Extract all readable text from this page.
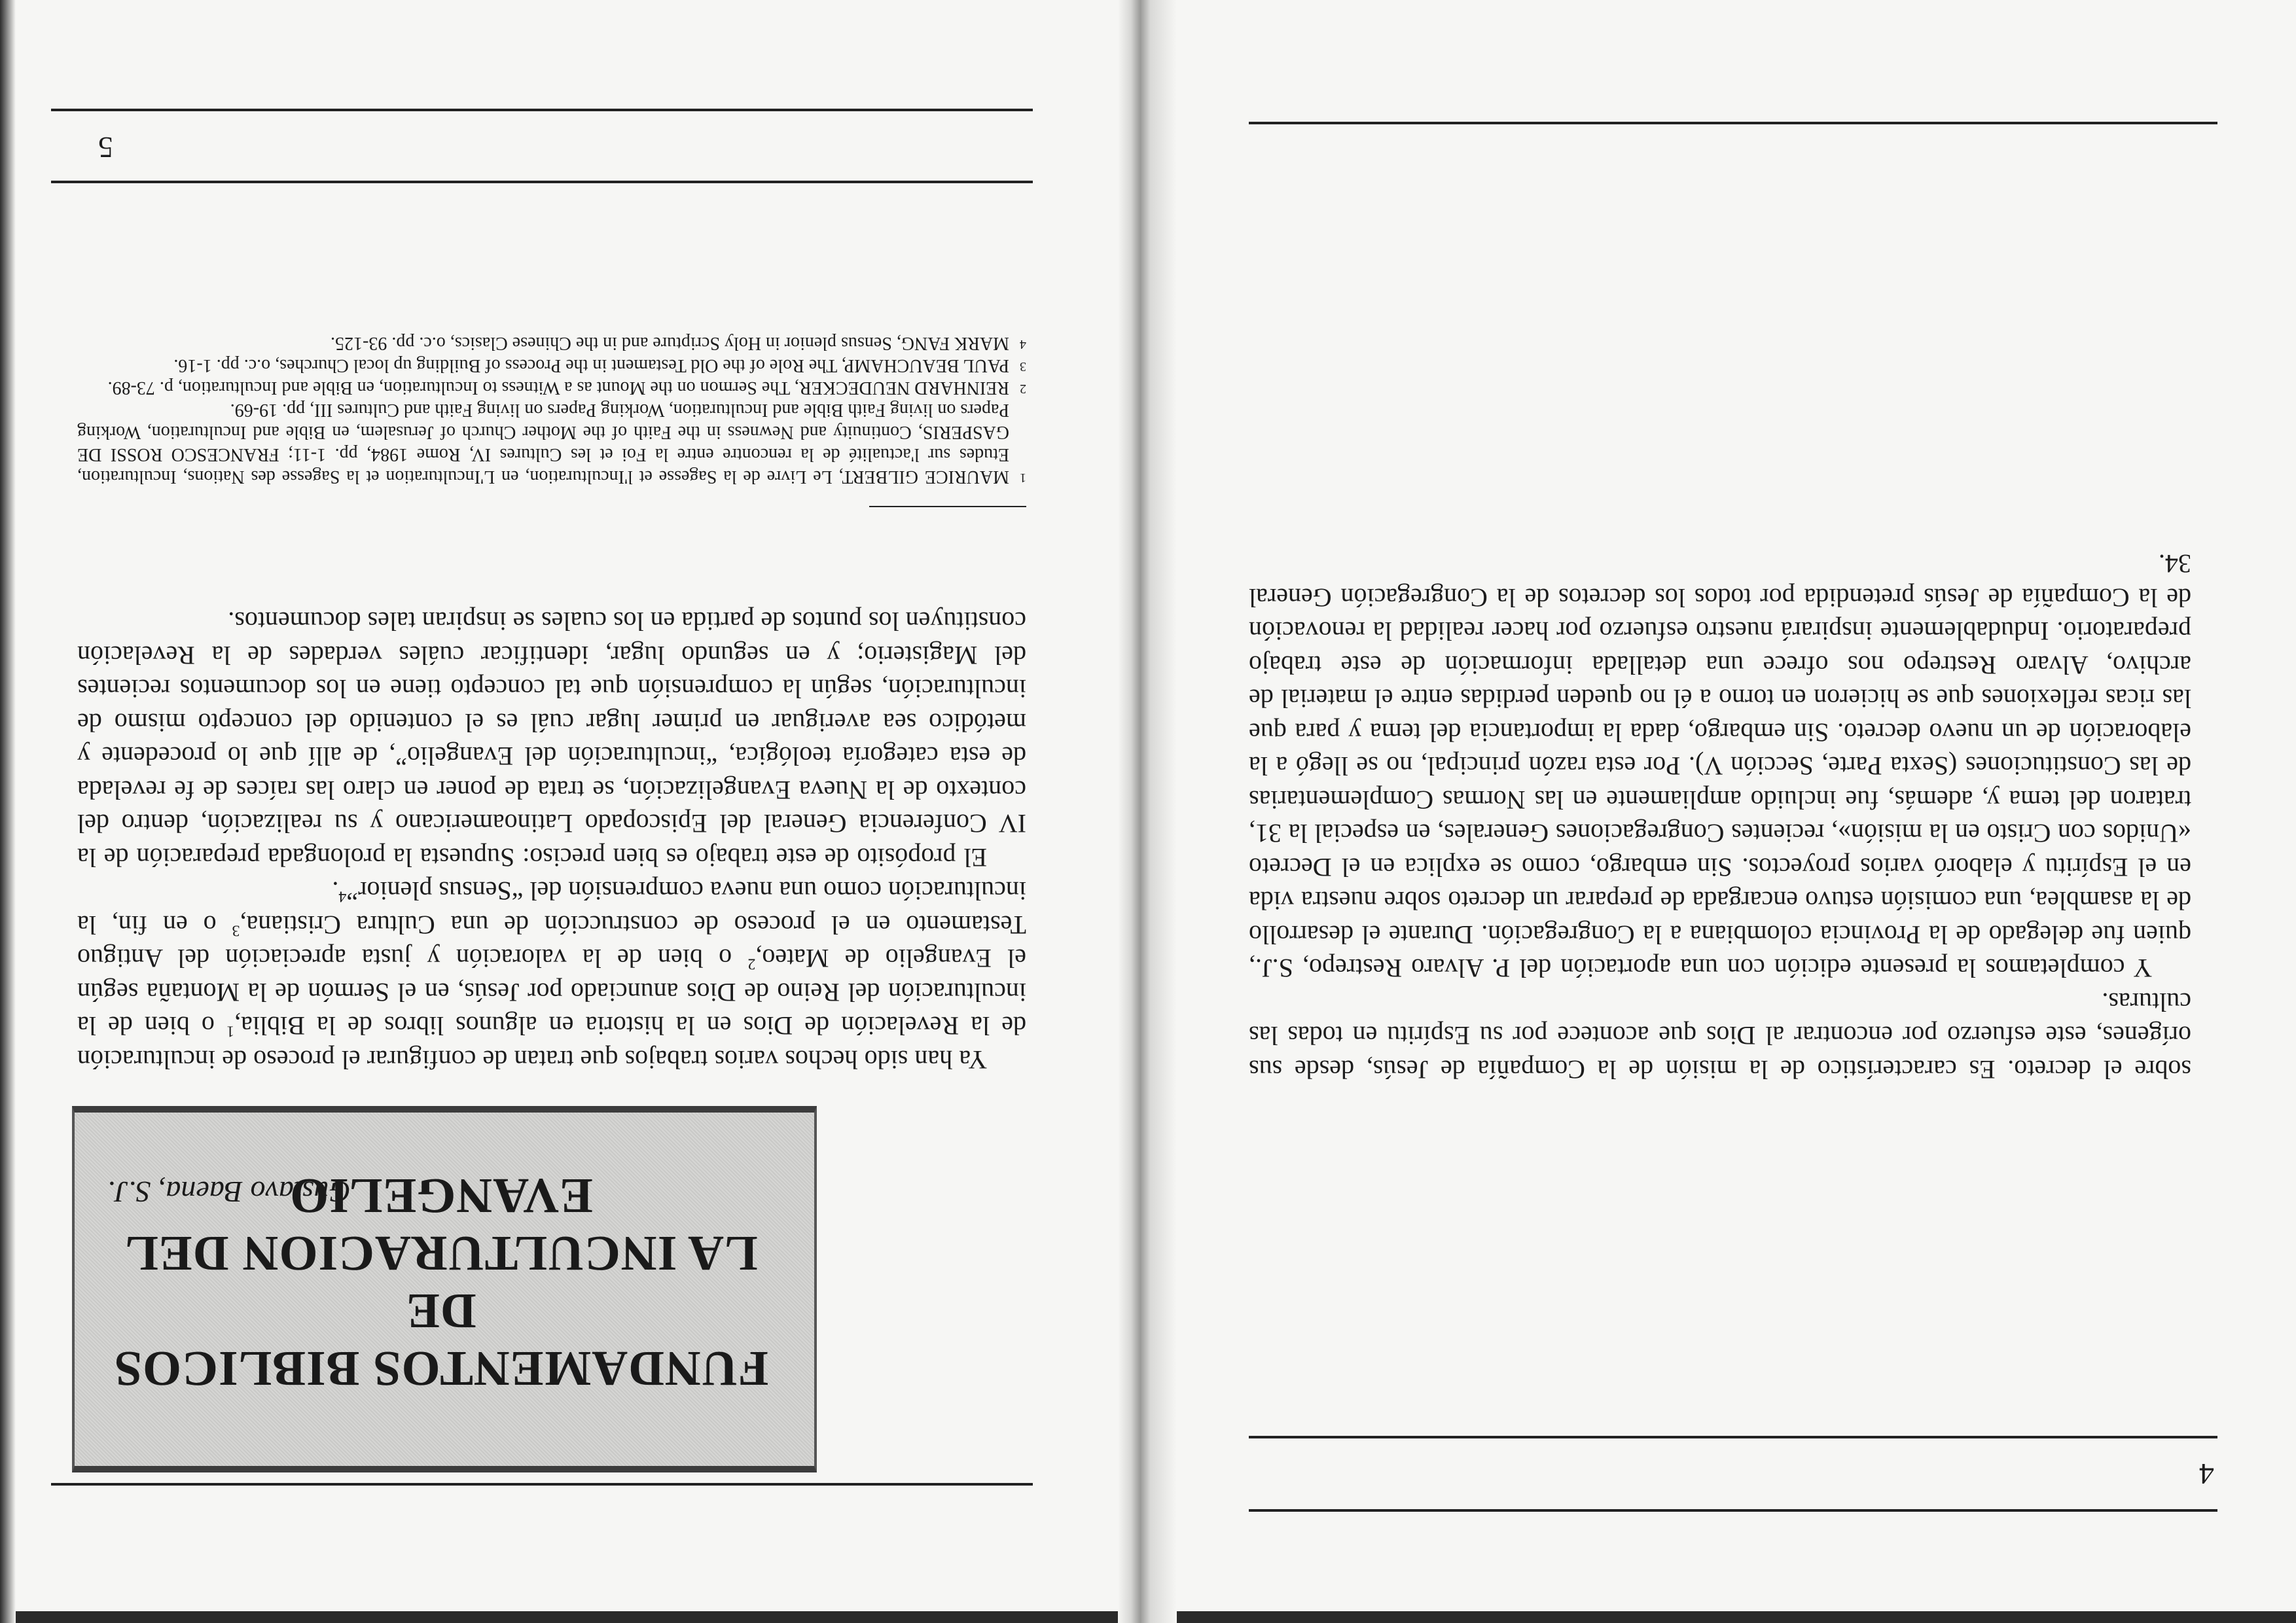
4

sobre el decreto. Es característico de la misión de la Compañía de Jesús, desde sus orígenes, este esfuerzo por encontrar al Dios que acontece por su Espíritu en todas las culturas.

Y completamos la presente edición con una aportación del P. Alvaro Restrepo, S.J., quien fue delegado de la Provincia colombiana a la Congregación. Durante el desarrollo de la asamblea, una comisión estuvo encargada de preparar un decreto sobre nuestra vida en el Espíritu y elaboró varios proyectos. Sin embargo, como se explica en el Decreto «Unidos con Cristo en la misión», recientes Congregaciones Generales, en especial la 31, trataron del tema y, además, fue incluido ampliamente en las Normas Complementarias de las Constituciones (Sexta Parte, Sección V). Por esta razón principal, no se llegó a la elaboración de un nuevo decreto. Sin embargo, dada la importancia del tema y para que las ricas reflexiones que se hicieron en torno a él no queden perdidas entre el material de archivo, Alvaro Restrepo nos ofrece una detallada información de este trabajo preparatorio. Indudablemente inspirará nuestro esfuerzo por hacer realidad la renovación de la Compañía de Jesús pretendida por todos los decretos de la Congregación General 34.

FUNDAMENTOS BIBLICOS DE
LA INCULTURACION DEL EVANGELIO
Gustavo Baena, S.J.

Ya han sido hechos varios trabajos que tratan de configurar el proceso de inculturación de la Revelación de Dios en la historia en algunos libros de la Biblia,$^1$ o bien de la inculturación del Reino de Dios anunciado por Jesús, en el Sermón de la Montaña según el Evangelio de Mateo,$^2$ o bien de la valoración y justa apreciación del Antiguo Testamento en el proceso de construcción de una Cultura Cristiana,$^3$ o en fin, la inculturación como una nueva comprensión del “Sensus plenior”$^4$.

El propósito de este trabajo es bien preciso: Supuesta la prolongada preparación de la IV Conferencia General del Episcopado Latinoamericano y su realización, dentro del contexto de la Nueva Evangelización, se trata de poner en claro las raíces de fe revelada de esta categoría teológica, “inculturación del Evangelio”, de allí que lo procedente y metódico sea averiguar en primer lugar cuál es el contenido del concepto mismo de inculturación, según la comprensión que tal concepto tiene en los documentos recientes del Magisterio; y en segundo lugar, identificar cuáles verdades de la Revelación constituyen los puntos de partida en los cuales se inspiran tales documentos.

1
MAURICE GILBERT, Le Livre de la Sagesse et l'Inculturation, en L'Inculturation et la Sagesse des Nations, Inculturation, Etudes sur l'actualité de la rencontre entre la Foi et les Cultures IV, Rome 1984, pp. 1-11; FRANCESCO ROSSI DE GASPERIS, Continuity and Newness in the Faith of the Mother Church of Jerusalem, en Bible and Inculturation, Working Papers on living Faith Bible and Inculturation, Working Papers on living Faith and Cultures III, pp. 19-69.
2
REINHARD NEUDECKER, The Sermon on the Mount as a Witness to Inculturation, en Bible and Inculturation, p. 73-89.
3
PAUL BEAUCHAMP, The Role of the Old Testament in the Process of Building up local Churches, o.c. pp. 1-16.
4
MARK FANG, Sensus plenior in Holy Scripture and in the Chinese Clasics, o.c. pp. 93-125.
5
